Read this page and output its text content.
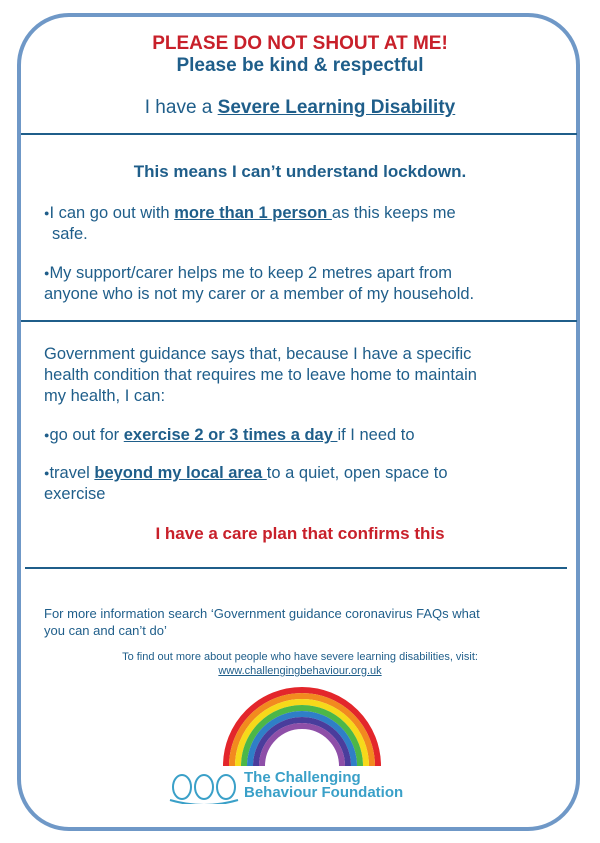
PLEASE DO NOT SHOUT AT ME!
Please be kind & respectful
I have a Severe Learning Disability
This means I can’t understand lockdown.
●I can go out with more than 1 person as this keeps me
safe.
●My support/carer helps me to keep 2 metres apart from
anyone who is not my carer or a member of my household.
Government guidance says that, because I have a specific
health condition that requires me to leave home to maintain
my health, I can:
●go out for exercise 2 or 3 times a day if I need to
●travel beyond my local area to a quiet, open space to
exercise
I have a care plan that confirms this
For more information search ‘Government guidance coronavirus FAQs what
you can and can’t do’
To find out more about people who have severe learning disabilities, visit:
www.challengingbehaviour.org.uk
The Challenging
Behaviour Foundation
